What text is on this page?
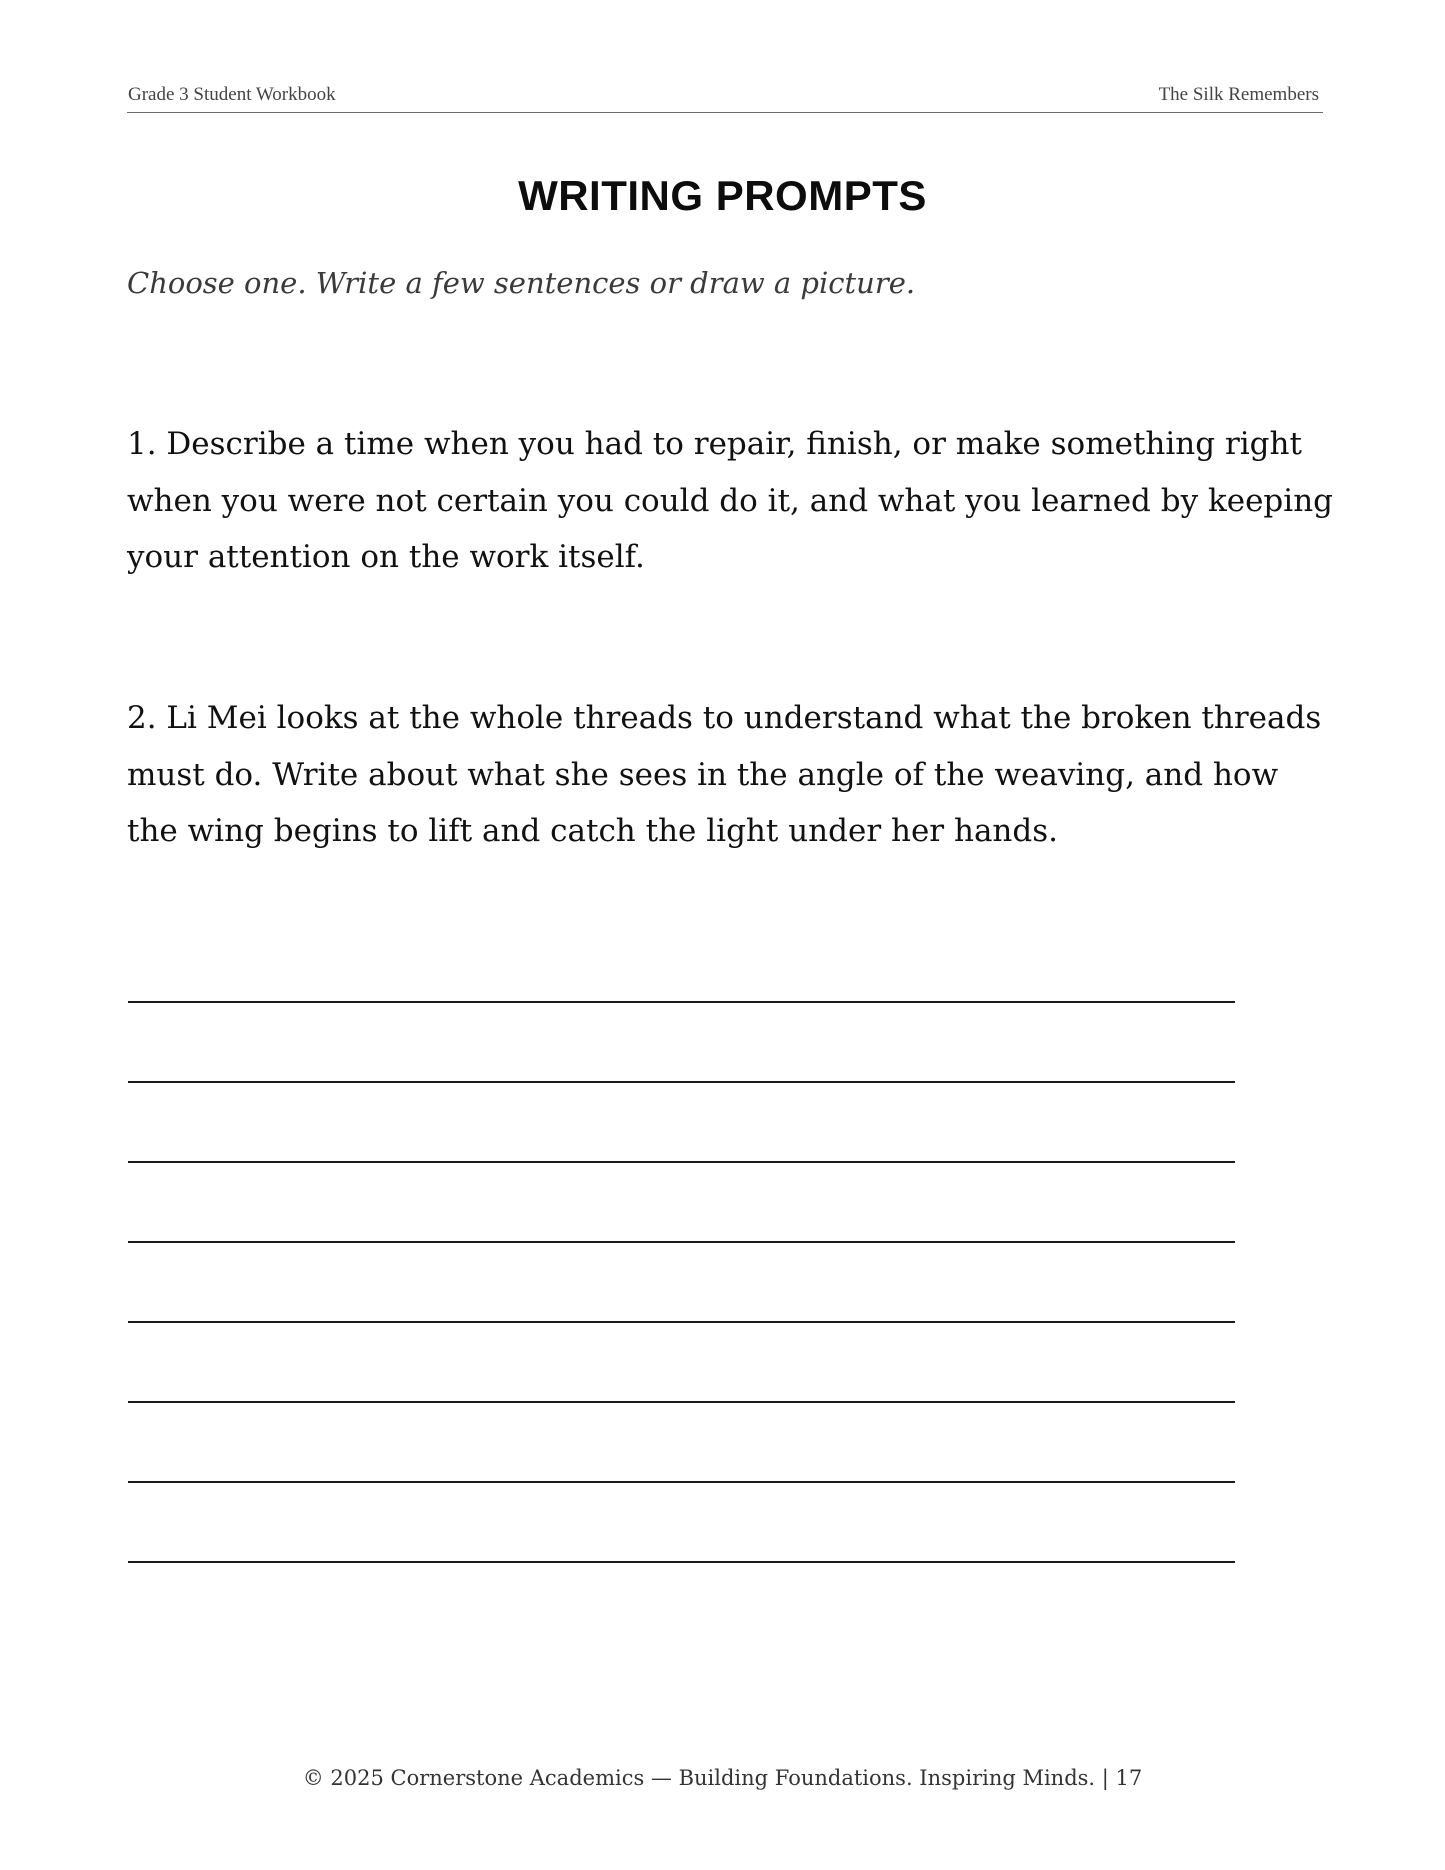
Grade 3 Student Workbook	The Silk Remembers
WRITING PROMPTS
Choose one. Write a few sentences or draw a picture.
1. Describe a time when you had to repair, finish, or make something right when you were not certain you could do it, and what you learned by keeping your attention on the work itself.
2. Li Mei looks at the whole threads to understand what the broken threads must do. Write about what she sees in the angle of the weaving, and how the wing begins to lift and catch the light under her hands.
© 2025 Cornerstone Academics — Building Foundations. Inspiring Minds. | 17
